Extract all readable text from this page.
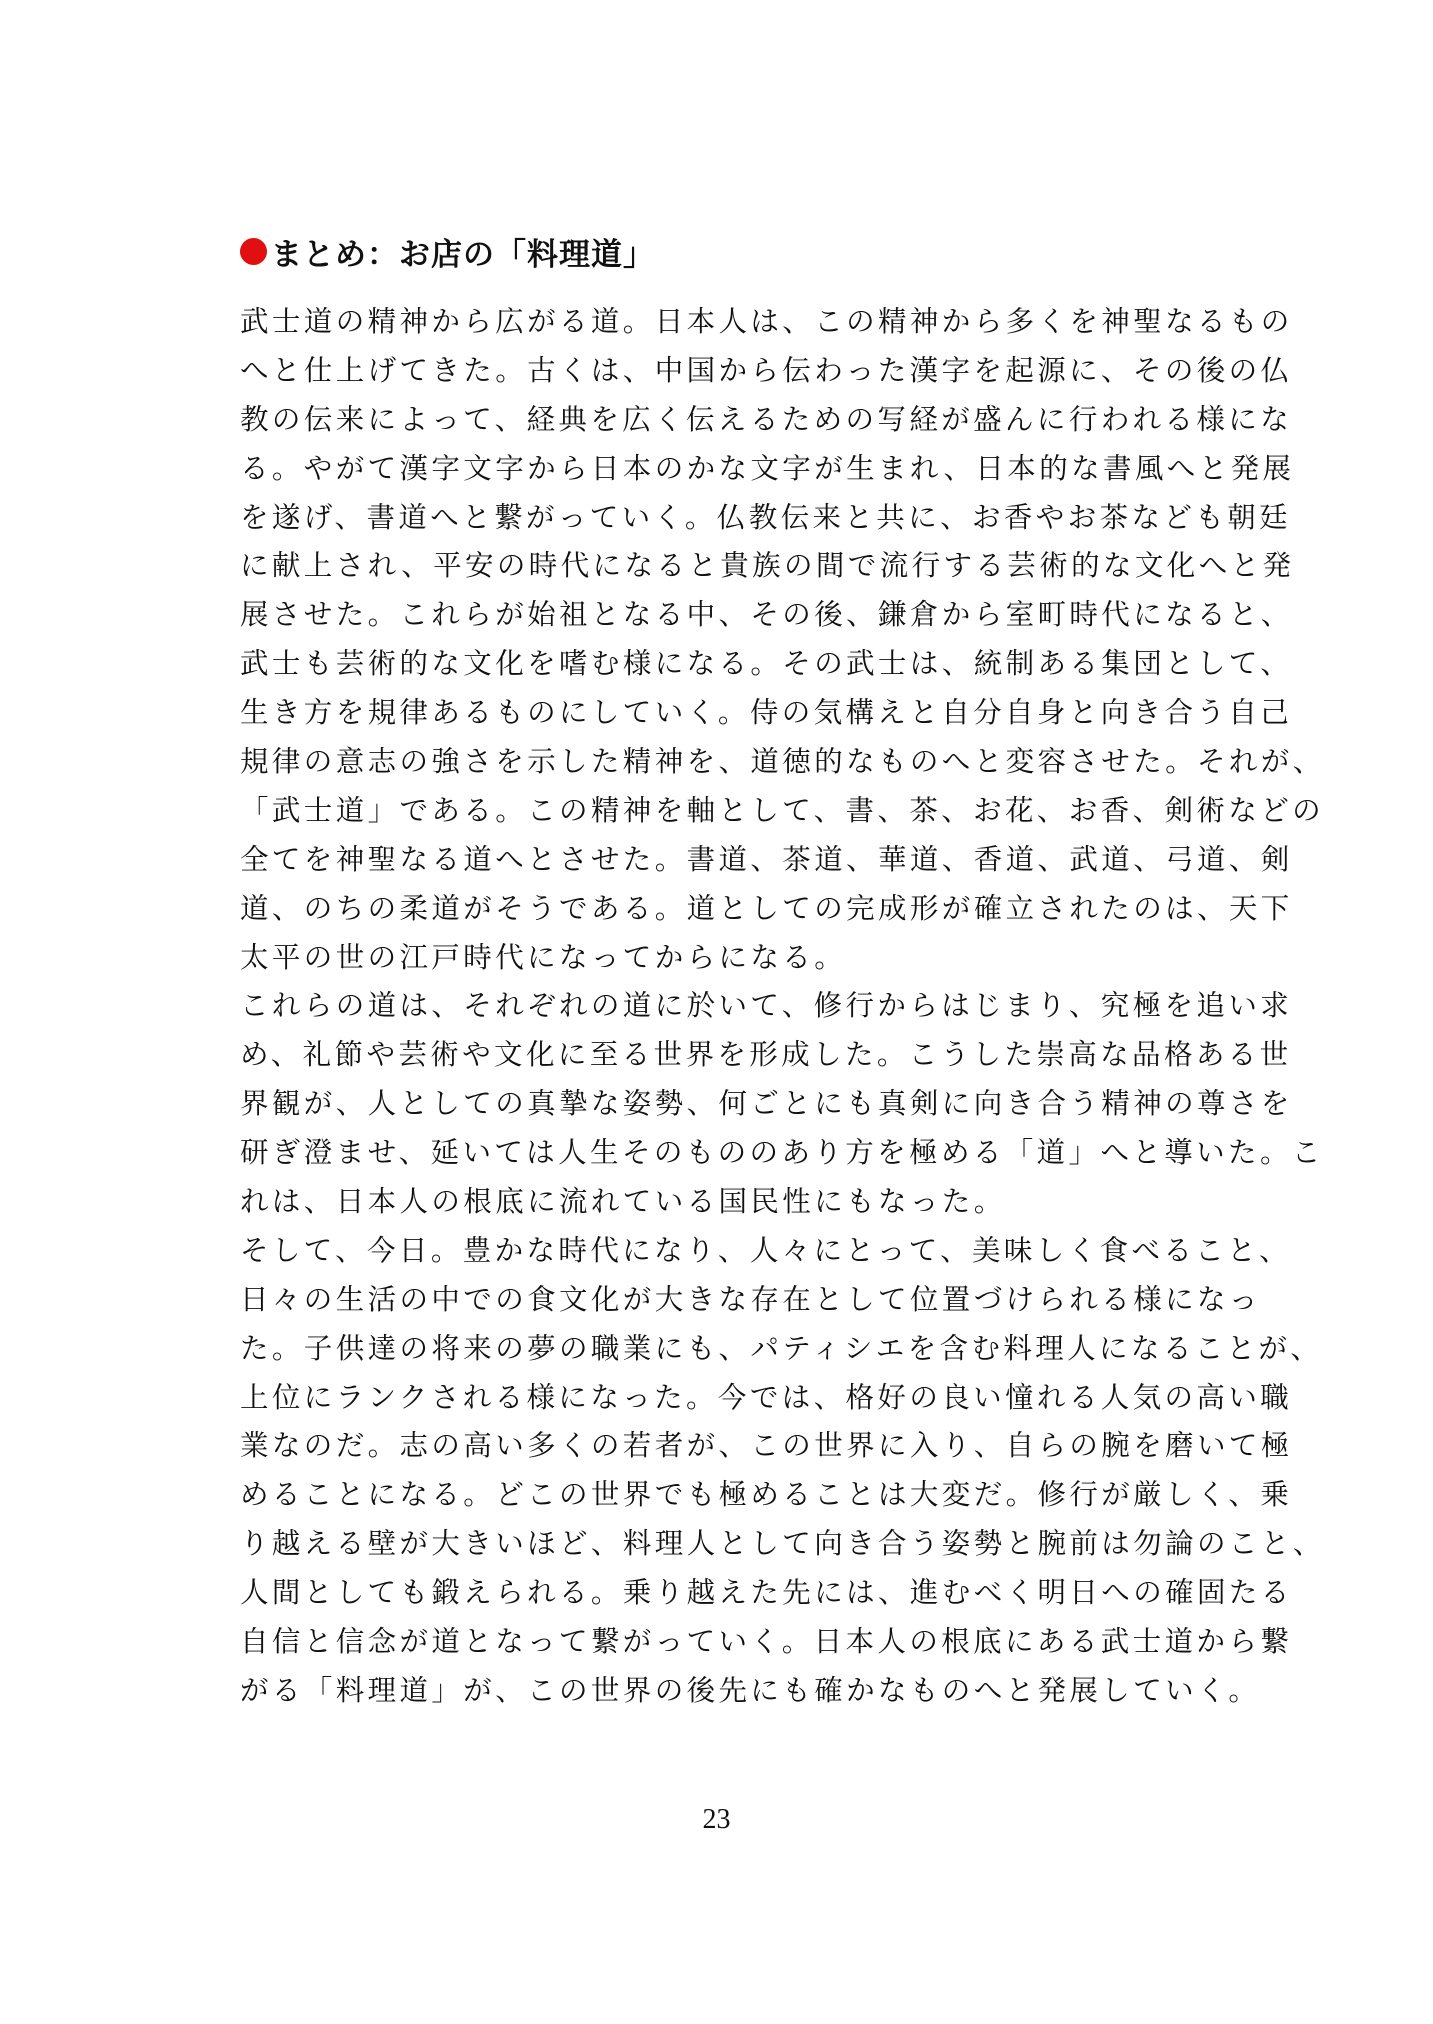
まとめ：お店の「料理道」
武士道の精神から広がる道。日本人は、この精神から多くを神聖なるもの
へと仕上げてきた。古くは、中国から伝わった漢字を起源に、その後の仏
教の伝来によって、経典を広く伝えるための写経が盛んに行われる様にな
る。やがて漢字文字から日本のかな文字が生まれ、日本的な書風へと発展
を遂げ、書道へと繋がっていく。仏教伝来と共に、お香やお茶なども朝廷
に献上され、平安の時代になると貴族の間で流行する芸術的な文化へと発
展させた。これらが始祖となる中、その後、鎌倉から室町時代になると、
武士も芸術的な文化を嗜む様になる。その武士は、統制ある集団として、
生き方を規律あるものにしていく。侍の気構えと自分自身と向き合う自己
規律の意志の強さを示した精神を、道徳的なものへと変容させた。それが、
「武士道」である。この精神を軸として、書、茶、お花、お香、剣術などの
全てを神聖なる道へとさせた。書道、茶道、華道、香道、武道、弓道、剣
道、のちの柔道がそうである。道としての完成形が確立されたのは、天下
太平の世の江戸時代になってからになる。
これらの道は、それぞれの道に於いて、修行からはじまり、究極を追い求
め、礼節や芸術や文化に至る世界を形成した。こうした崇高な品格ある世
界観が、人としての真摯な姿勢、何ごとにも真剣に向き合う精神の尊さを
研ぎ澄ませ、延いては人生そのもののあり方を極める「道」へと導いた。こ
れは、日本人の根底に流れている国民性にもなった。
そして、今日。豊かな時代になり、人々にとって、美味しく食べること、
日々の生活の中での食文化が大きな存在として位置づけられる様になっ
た。子供達の将来の夢の職業にも、パティシエを含む料理人になることが、
上位にランクされる様になった。今では、格好の良い憧れる人気の高い職
業なのだ。志の高い多くの若者が、この世界に入り、自らの腕を磨いて極
めることになる。どこの世界でも極めることは大変だ。修行が厳しく、乗
り越える壁が大きいほど、料理人として向き合う姿勢と腕前は勿論のこと、
人間としても鍛えられる。乗り越えた先には、進むべく明日への確固たる
自信と信念が道となって繋がっていく。日本人の根底にある武士道から繋
がる「料理道」が、この世界の後先にも確かなものへと発展していく。
23
